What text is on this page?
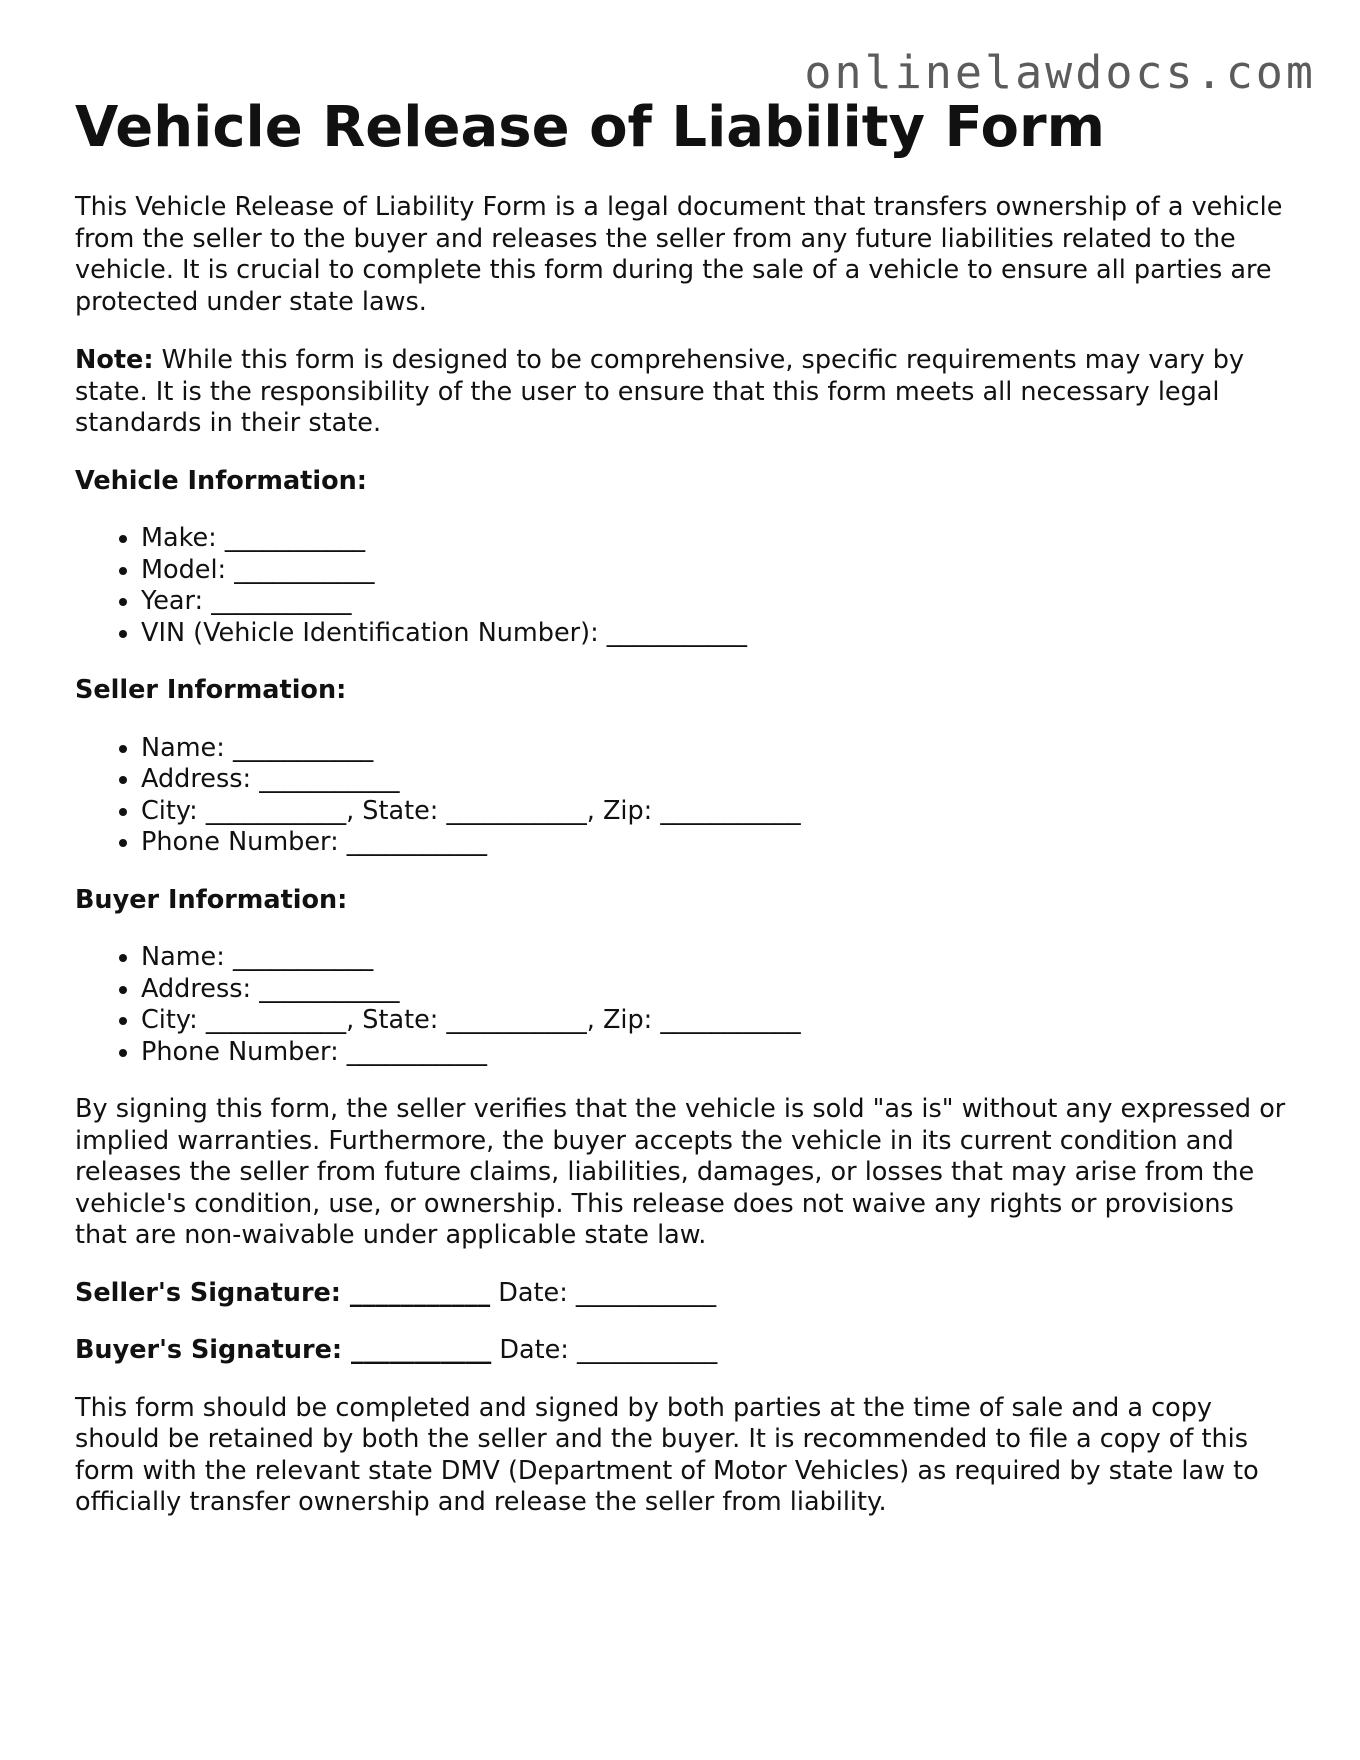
onlinelawdocs.com
Vehicle Release of Liability Form

This Vehicle Release of Liability Form is a legal document that transfers ownership of a vehicle from the seller to the buyer and releases the seller from any future liabilities related to the vehicle. It is crucial to complete this form during the sale of a vehicle to ensure all parties are protected under state laws.

Note: While this form is designed to be comprehensive, specific requirements may vary by state. It is the responsibility of the user to ensure that this form meets all necessary legal standards in their state.

Vehicle Information:

• Make: ___________
• Model: ___________
• Year: ___________
• VIN (Vehicle Identification Number): ___________

Seller Information:

• Name: ___________
• Address: ___________
• City: ___________, State: ___________, Zip: ___________
• Phone Number: ___________

Buyer Information:

• Name: ___________
• Address: ___________
• City: ___________, State: ___________, Zip: ___________
• Phone Number: ___________

By signing this form, the seller verifies that the vehicle is sold "as is" without any expressed or implied warranties. Furthermore, the buyer accepts the vehicle in its current condition and releases the seller from future claims, liabilities, damages, or losses that may arise from the vehicle's condition, use, or ownership. This release does not waive any rights or provisions that are non-waivable under applicable state law.

Seller's Signature: ___________ Date: ___________

Buyer's Signature: ___________ Date: ___________

This form should be completed and signed by both parties at the time of sale and a copy should be retained by both the seller and the buyer. It is recommended to file a copy of this form with the relevant state DMV (Department of Motor Vehicles) as required by state law to officially transfer ownership and release the seller from liability.
